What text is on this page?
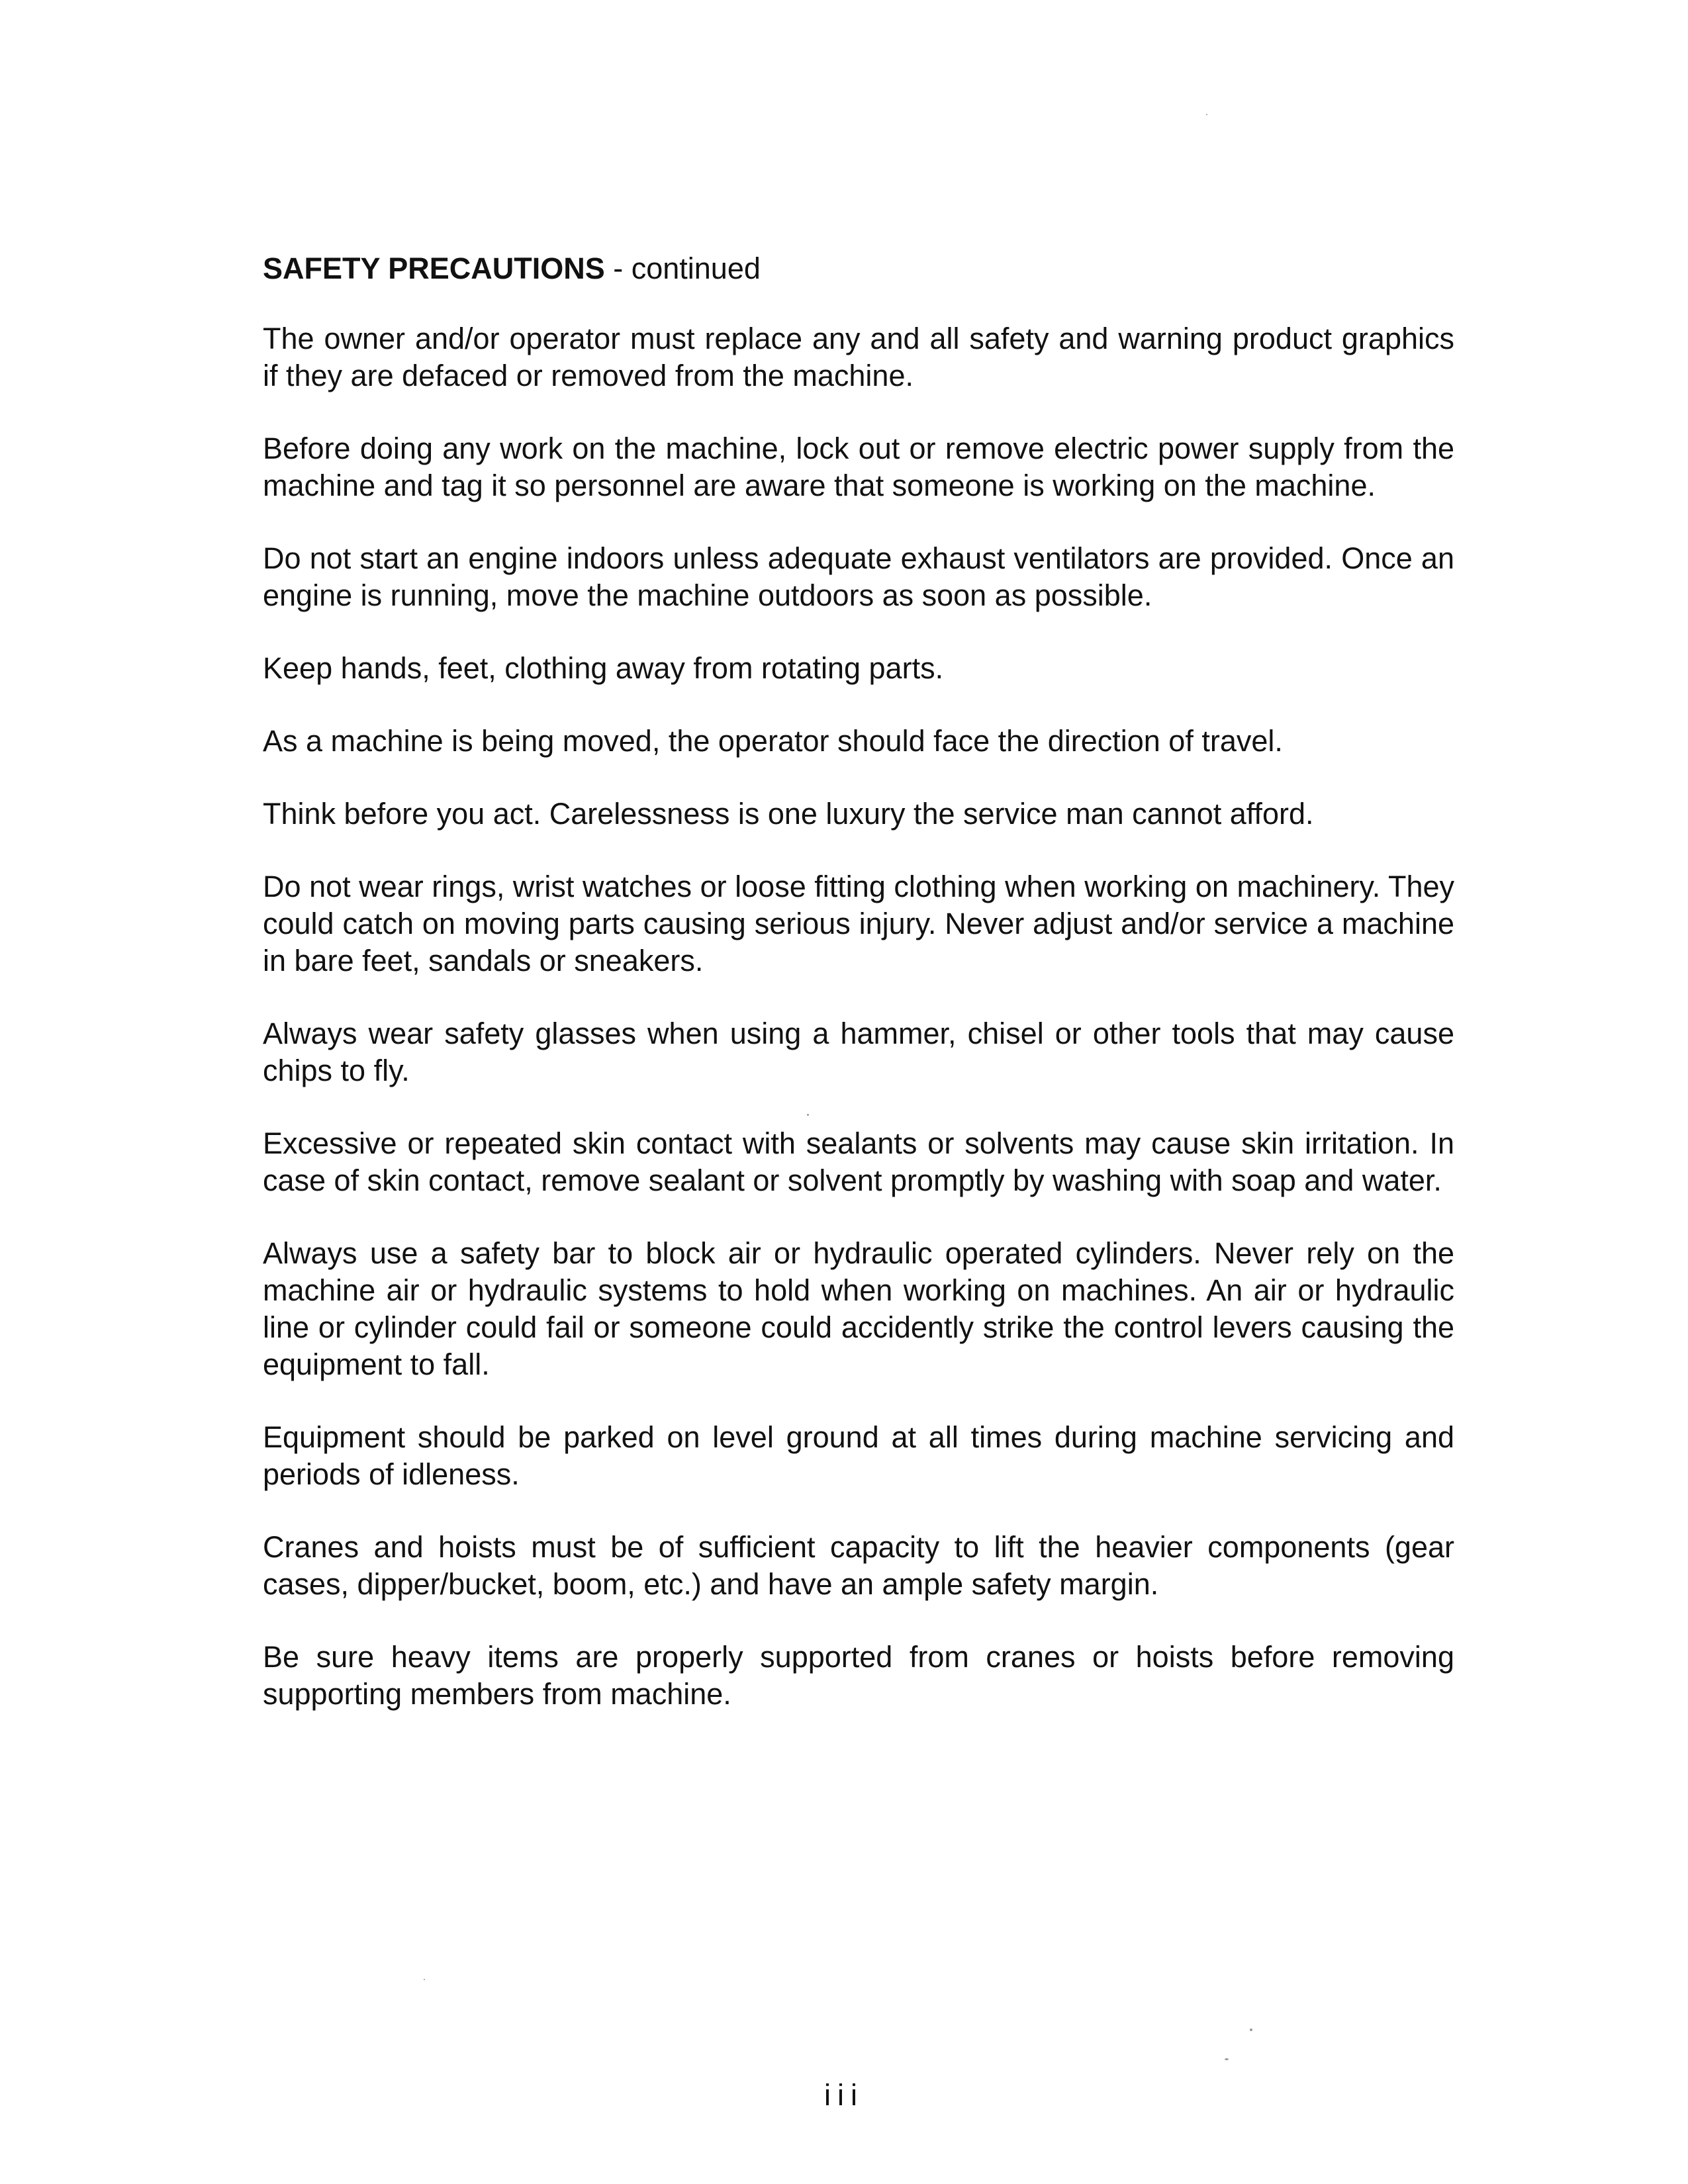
SAFETY PRECAUTIONS - continued

The owner and/or operator must replace any and all safety and warning product graphics if they are defaced or removed from the machine.

Before doing any work on the machine, lock out or remove electric power supply from the machine and tag it so personnel are aware that someone is working on the machine.

Do not start an engine indoors unless adequate exhaust ventilators are provided. Once an engine is running, move the machine outdoors as soon as possible.

Keep hands, feet, clothing away from rotating parts.

As a machine is being moved, the operator should face the direction of travel.

Think before you act. Carelessness is one luxury the service man cannot afford.

Do not wear rings, wrist watches or loose fitting clothing when working on machinery. They could catch on moving parts causing serious injury. Never adjust and/or service a machine in bare feet, sandals or sneakers.

Always wear safety glasses when using a hammer, chisel or other tools that may cause chips to fly.

Excessive or repeated skin contact with sealants or solvents may cause skin irritation. In case of skin contact, remove sealant or solvent promptly by washing with soap and water.

Always use a safety bar to block air or hydraulic operated cylinders. Never rely on the machine air or hydraulic systems to hold when working on machines. An air or hydraulic line or cylinder could fail or someone could accidently strike the control levers causing the equipment to fall.

Equipment should be parked on level ground at all times during machine servicing and periods of idleness.

Cranes and hoists must be of sufficient capacity to lift the heavier components (gear cases, dipper/bucket, boom, etc.) and have an ample safety margin.

Be sure heavy items are properly supported from cranes or hoists before removing supporting members from machine.

iii
